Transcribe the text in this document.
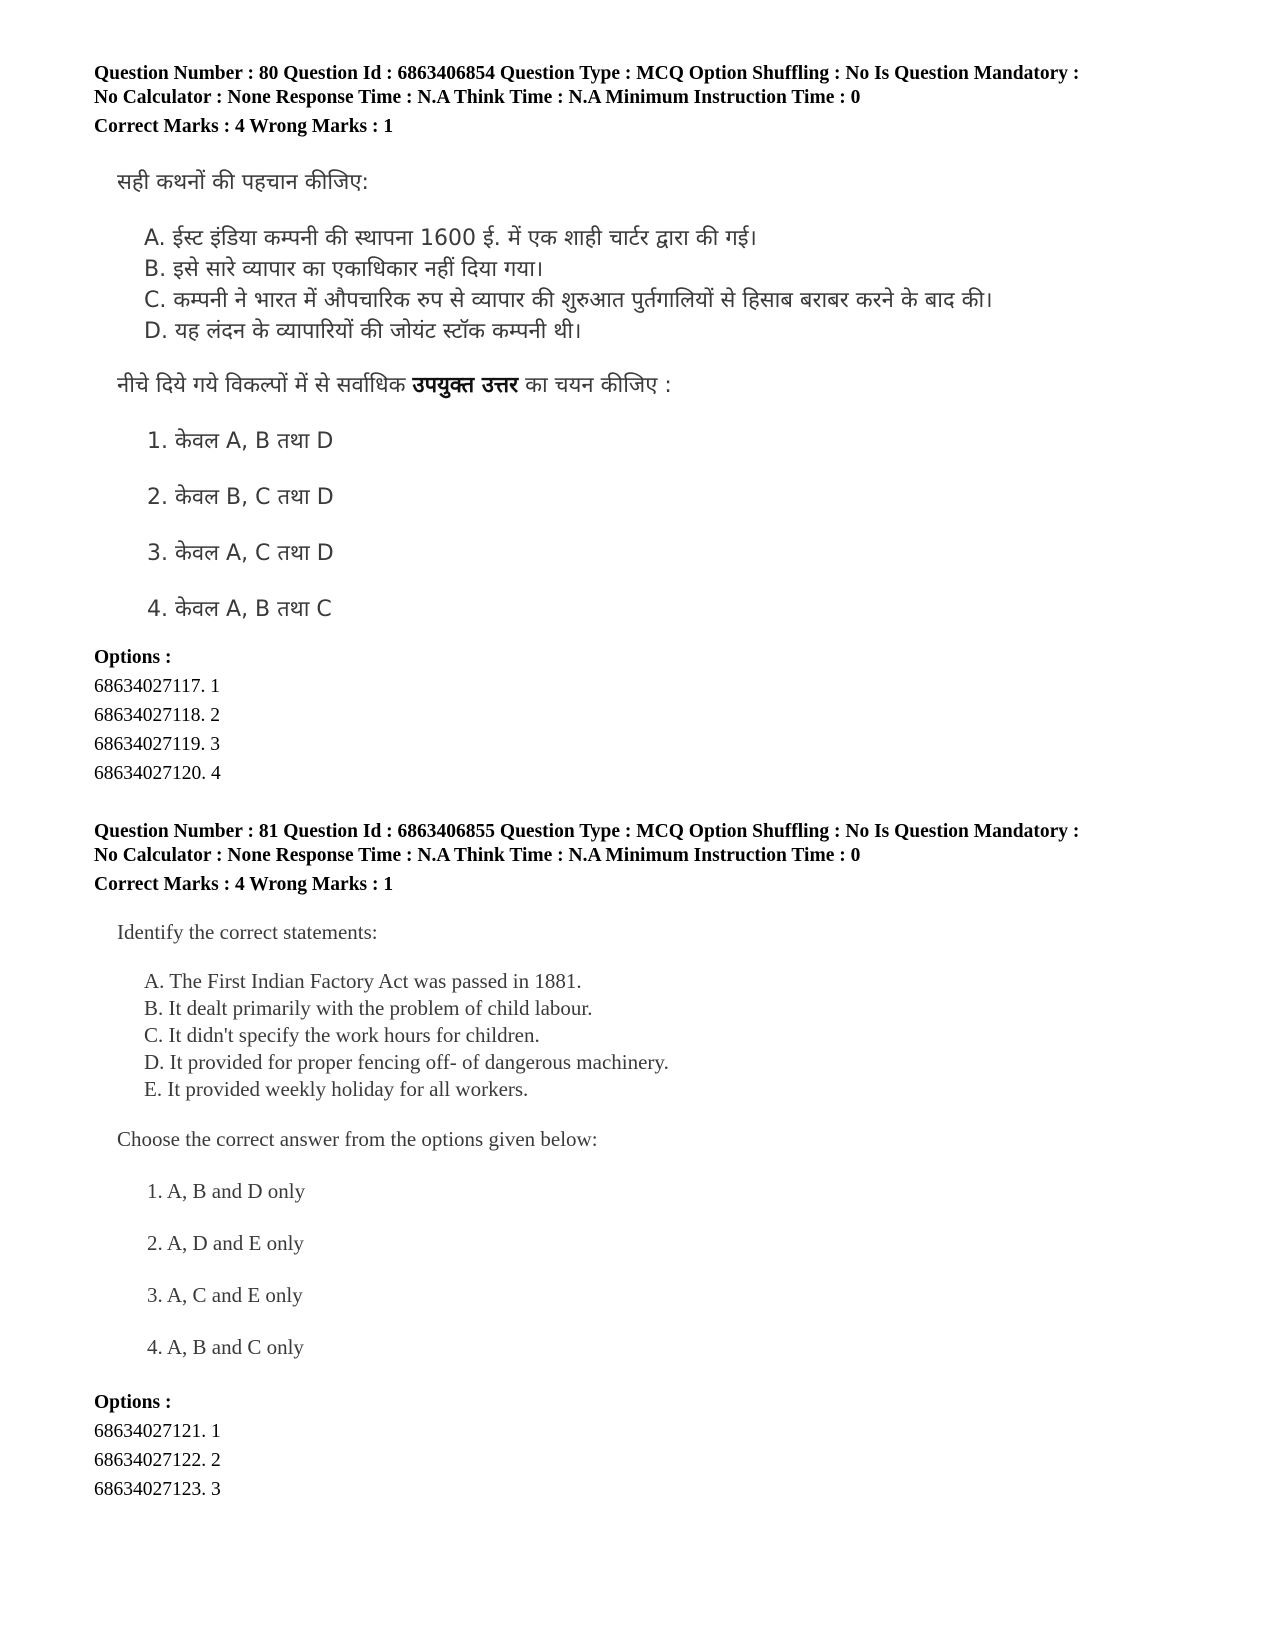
Question Number : 80 Question Id : 6863406854 Question Type : MCQ Option Shuffling : No Is Question Mandatory :
No Calculator : None Response Time : N.A Think Time : N.A Minimum Instruction Time : 0
Correct Marks : 4 Wrong Marks : 1
सही कथनों की पहचान कीजिए:
A. ईस्ट इंडिया कम्पनी की स्थापना 1600 ई. में एक शाही चार्टर द्वारा की गई।
B. इसे सारे व्यापार का एकाधिकार नहीं दिया गया।
C. कम्पनी ने भारत में औपचारिक रुप से व्यापार की शुरुआत पुर्तगालियों से हिसाब बराबर करने के बाद की।
D. यह लंदन के व्यापारियों की जोयंट स्टॉक कम्पनी थी।
नीचे दिये गये विकल्पों में से सर्वाधिक उपयुक्त उत्तर का चयन कीजिए :
1. केवल A, B तथा D
2. केवल B, C तथा D
3. केवल A, C तथा D
4. केवल A, B तथा C
Options :
68634027117. 1
68634027118. 2
68634027119. 3
68634027120. 4
Question Number : 81 Question Id : 6863406855 Question Type : MCQ Option Shuffling : No Is Question Mandatory :
No Calculator : None Response Time : N.A Think Time : N.A Minimum Instruction Time : 0
Correct Marks : 4 Wrong Marks : 1
Identify the correct statements:
A. The First Indian Factory Act was passed in 1881.
B. It dealt primarily with the problem of child labour.
C. It didn't specify the work hours for children.
D. It provided for proper fencing off- of dangerous machinery.
E. It provided weekly holiday for all workers.
Choose the correct answer from the options given below:
1. A, B and D only
2. A, D and E only
3. A, C and E only
4. A, B and C only
Options :
68634027121. 1
68634027122. 2
68634027123. 3
